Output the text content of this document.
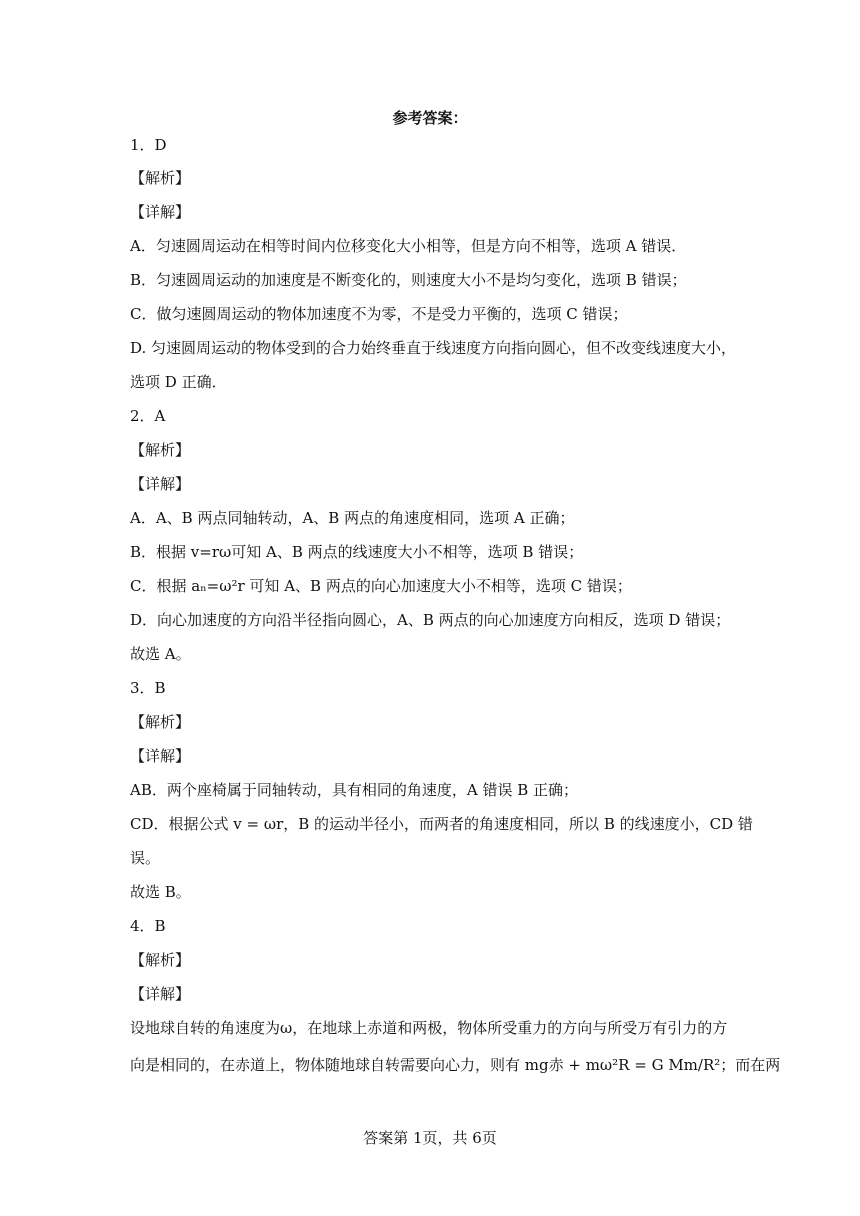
参考答案：
1．D
【解析】
【详解】
A．匀速圆周运动在相等时间内位移变化大小相等，但是方向不相等，选项 A 错误．
B．匀速圆周运动的加速度是不断变化的，则速度大小不是均匀变化，选项 B 错误；
C．做匀速圆周运动的物体加速度不为零，不是受力平衡的，选项 C 错误；
D. 匀速圆周运动的物体受到的合力始终垂直于线速度方向指向圆心，但不改变线速度大小，
选项 D 正确．
2．A
【解析】
【详解】
A．A、B 两点同轴转动，A、B 两点的角速度相同，选项 A 正确；
B．根据 v=rω可知 A、B 两点的线速度大小不相等，选项 B 错误；
C．根据 aₙ=ω²r 可知 A、B 两点的向心加速度大小不相等，选项 C 错误；
D．向心加速度的方向沿半径指向圆心，A、B 两点的向心加速度方向相反，选项 D 错误；
故选 A。
3．B
【解析】
【详解】
AB．两个座椅属于同轴转动，具有相同的角速度，A 错误 B 正确；
CD．根据公式 v = ωr，B 的运动半径小，而两者的角速度相同，所以 B 的线速度小，CD 错
误。
故选 B。
4．B
【解析】
【详解】
设地球自转的角速度为ω，在地球上赤道和两极，物体所受重力的方向与所受万有引力的方
向是相同的，在赤道上，物体随地球自转需要向心力，则有 mg赤 + mω²R = G Mm/R²；而在两
答案第 1页，共 6页
